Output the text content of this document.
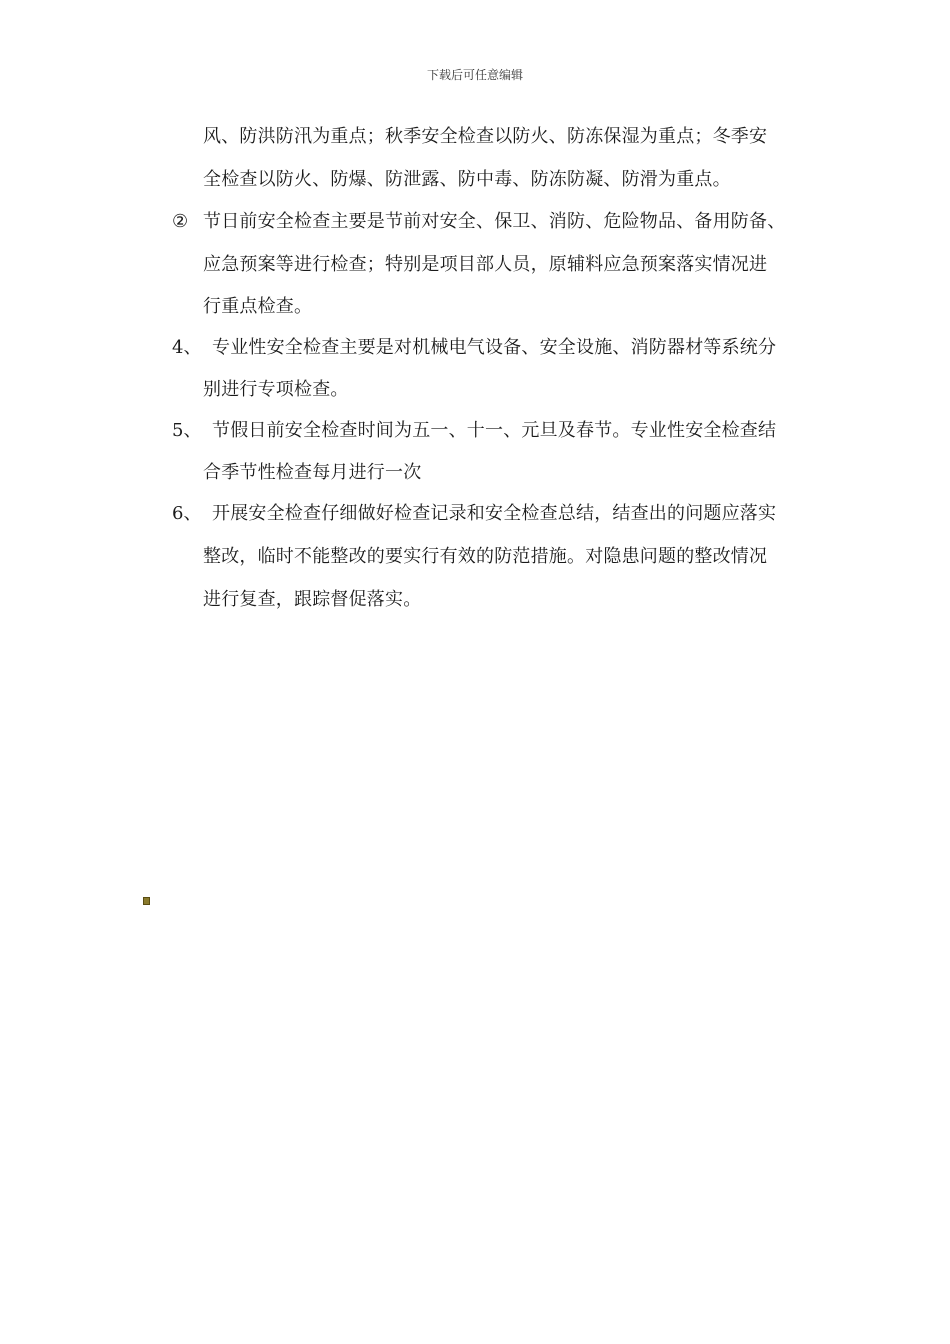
下载后可任意编辑
风、防洪防汛为重点；秋季安全检查以防火、防冻保湿为重点；冬季安
全检查以防火、防爆、防泄露、防中毒、防冻防凝、防滑为重点。
② 节日前安全检查主要是节前对安全、保卫、消防、危险物品、备用防备、
应急预案等进行检查；特别是项目部人员，原辅料应急预案落实情况进
行重点检查。
4、 专业性安全检查主要是对机械电气设备、安全设施、消防器材等系统分
别进行专项检查。
5、 节假日前安全检查时间为五一、十一、元旦及春节。专业性安全检查结
合季节性检查每月进行一次
6、 开展安全检查仔细做好检查记录和安全检查总结，结查出的问题应落实
整改，临时不能整改的要实行有效的防范措施。对隐患问题的整改情况
进行复查，跟踪督促落实。
